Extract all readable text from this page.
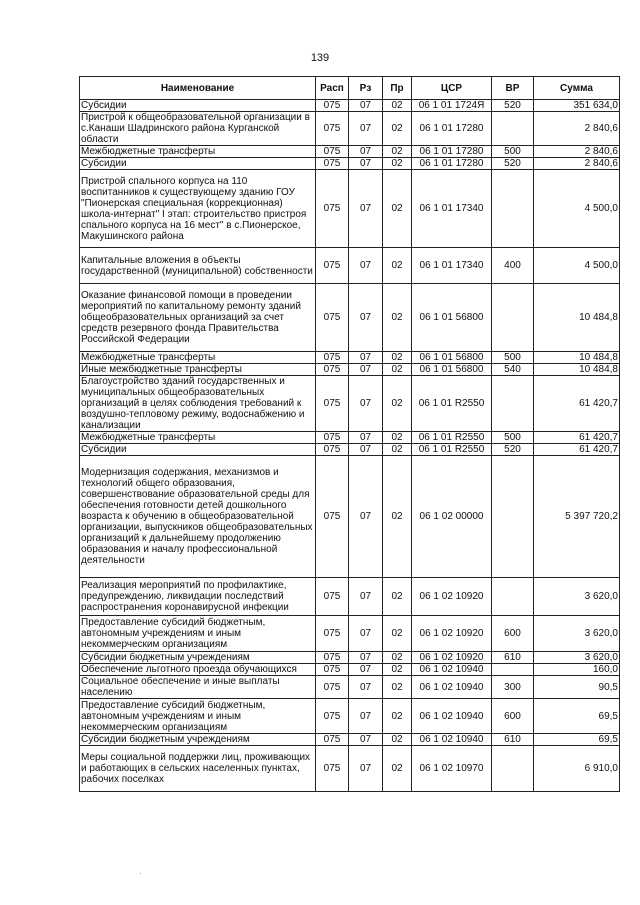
139
Наименование	Расп	Рз	Пр	ЦСР	ВР	Сумма
Субсидии	075	07	02	06 1 01 1724Я	520	351 634,0
Пристрой к общеобразовательной организации в с.Канаши Шадринского района Курганской области	075	07	02	06 1 01 17280		2 840,6
Межбюджетные трансферты	075	07	02	06 1 01 17280	500	2 840,6
Субсидии	075	07	02	06 1 01 17280	520	2 840,6
Пристрой спального корпуса на 110 воспитанников к существующему зданию ГОУ "Пионерская специальная (коррекционная) школа-интернат" I этап: строительство пристроя спального корпуса на 16 мест" в с.Пионерское, Макушинского района	075	07	02	06 1 01 17340		4 500,0
Капитальные вложения в объекты государственной (муниципальной) собственности	075	07	02	06 1 01 17340	400	4 500,0
Оказание финансовой помощи в проведении мероприятий по капитальному ремонту зданий общеобразовательных организаций за счет средств резервного фонда Правительства Российской Федерации	075	07	02	06 1 01 56800		10 484,8
Межбюджетные трансферты	075	07	02	06 1 01 56800	500	10 484,8
Иные межбюджетные трансферты	075	07	02	06 1 01 56800	540	10 484,8
Благоустройство зданий государственных и муниципальных общеобразовательных организаций в целях соблюдения требований к воздушно-тепловому режиму, водоснабжению и канализации	075	07	02	06 1 01 R2550		61 420,7
Межбюджетные трансферты	075	07	02	06 1 01 R2550	500	61 420,7
Субсидии	075	07	02	06 1 01 R2550	520	61 420,7
Модернизация содержания, механизмов и технологий общего образования, совершенствование образовательной среды для обеспечения готовности детей дошкольного возраста к обучению в общеобразовательной организации, выпускников общеобразовательных организаций к дальнейшему продолжению образования и началу профессиональной деятельности	075	07	02	06 1 02 00000		5 397 720,2
Реализация мероприятий по профилактике, предупреждению, ликвидации последствий распространения коронавирусной инфекции	075	07	02	06 1 02 10920		3 620,0
Предоставление субсидий бюджетным, автономным учреждениям и иным некоммерческим организациям	075	07	02	06 1 02 10920	600	3 620,0
Субсидии бюджетным учреждениям	075	07	02	06 1 02 10920	610	3 620,0
Обеспечение льготного проезда обучающихся	075	07	02	06 1 02 10940		160,0
Социальное обеспечение и иные выплаты населению	075	07	02	06 1 02 10940	300	90,5
Предоставление субсидий бюджетным, автономным учреждениям и иным некоммерческим организациям	075	07	02	06 1 02 10940	600	69,5
Субсидии бюджетным учреждениям	075	07	02	06 1 02 10940	610	69,5
Меры социальной поддержки лиц, проживающих и работающих в сельских населенных пунктах, рабочих поселках	075	07	02	06 1 02 10970		6 910,0
